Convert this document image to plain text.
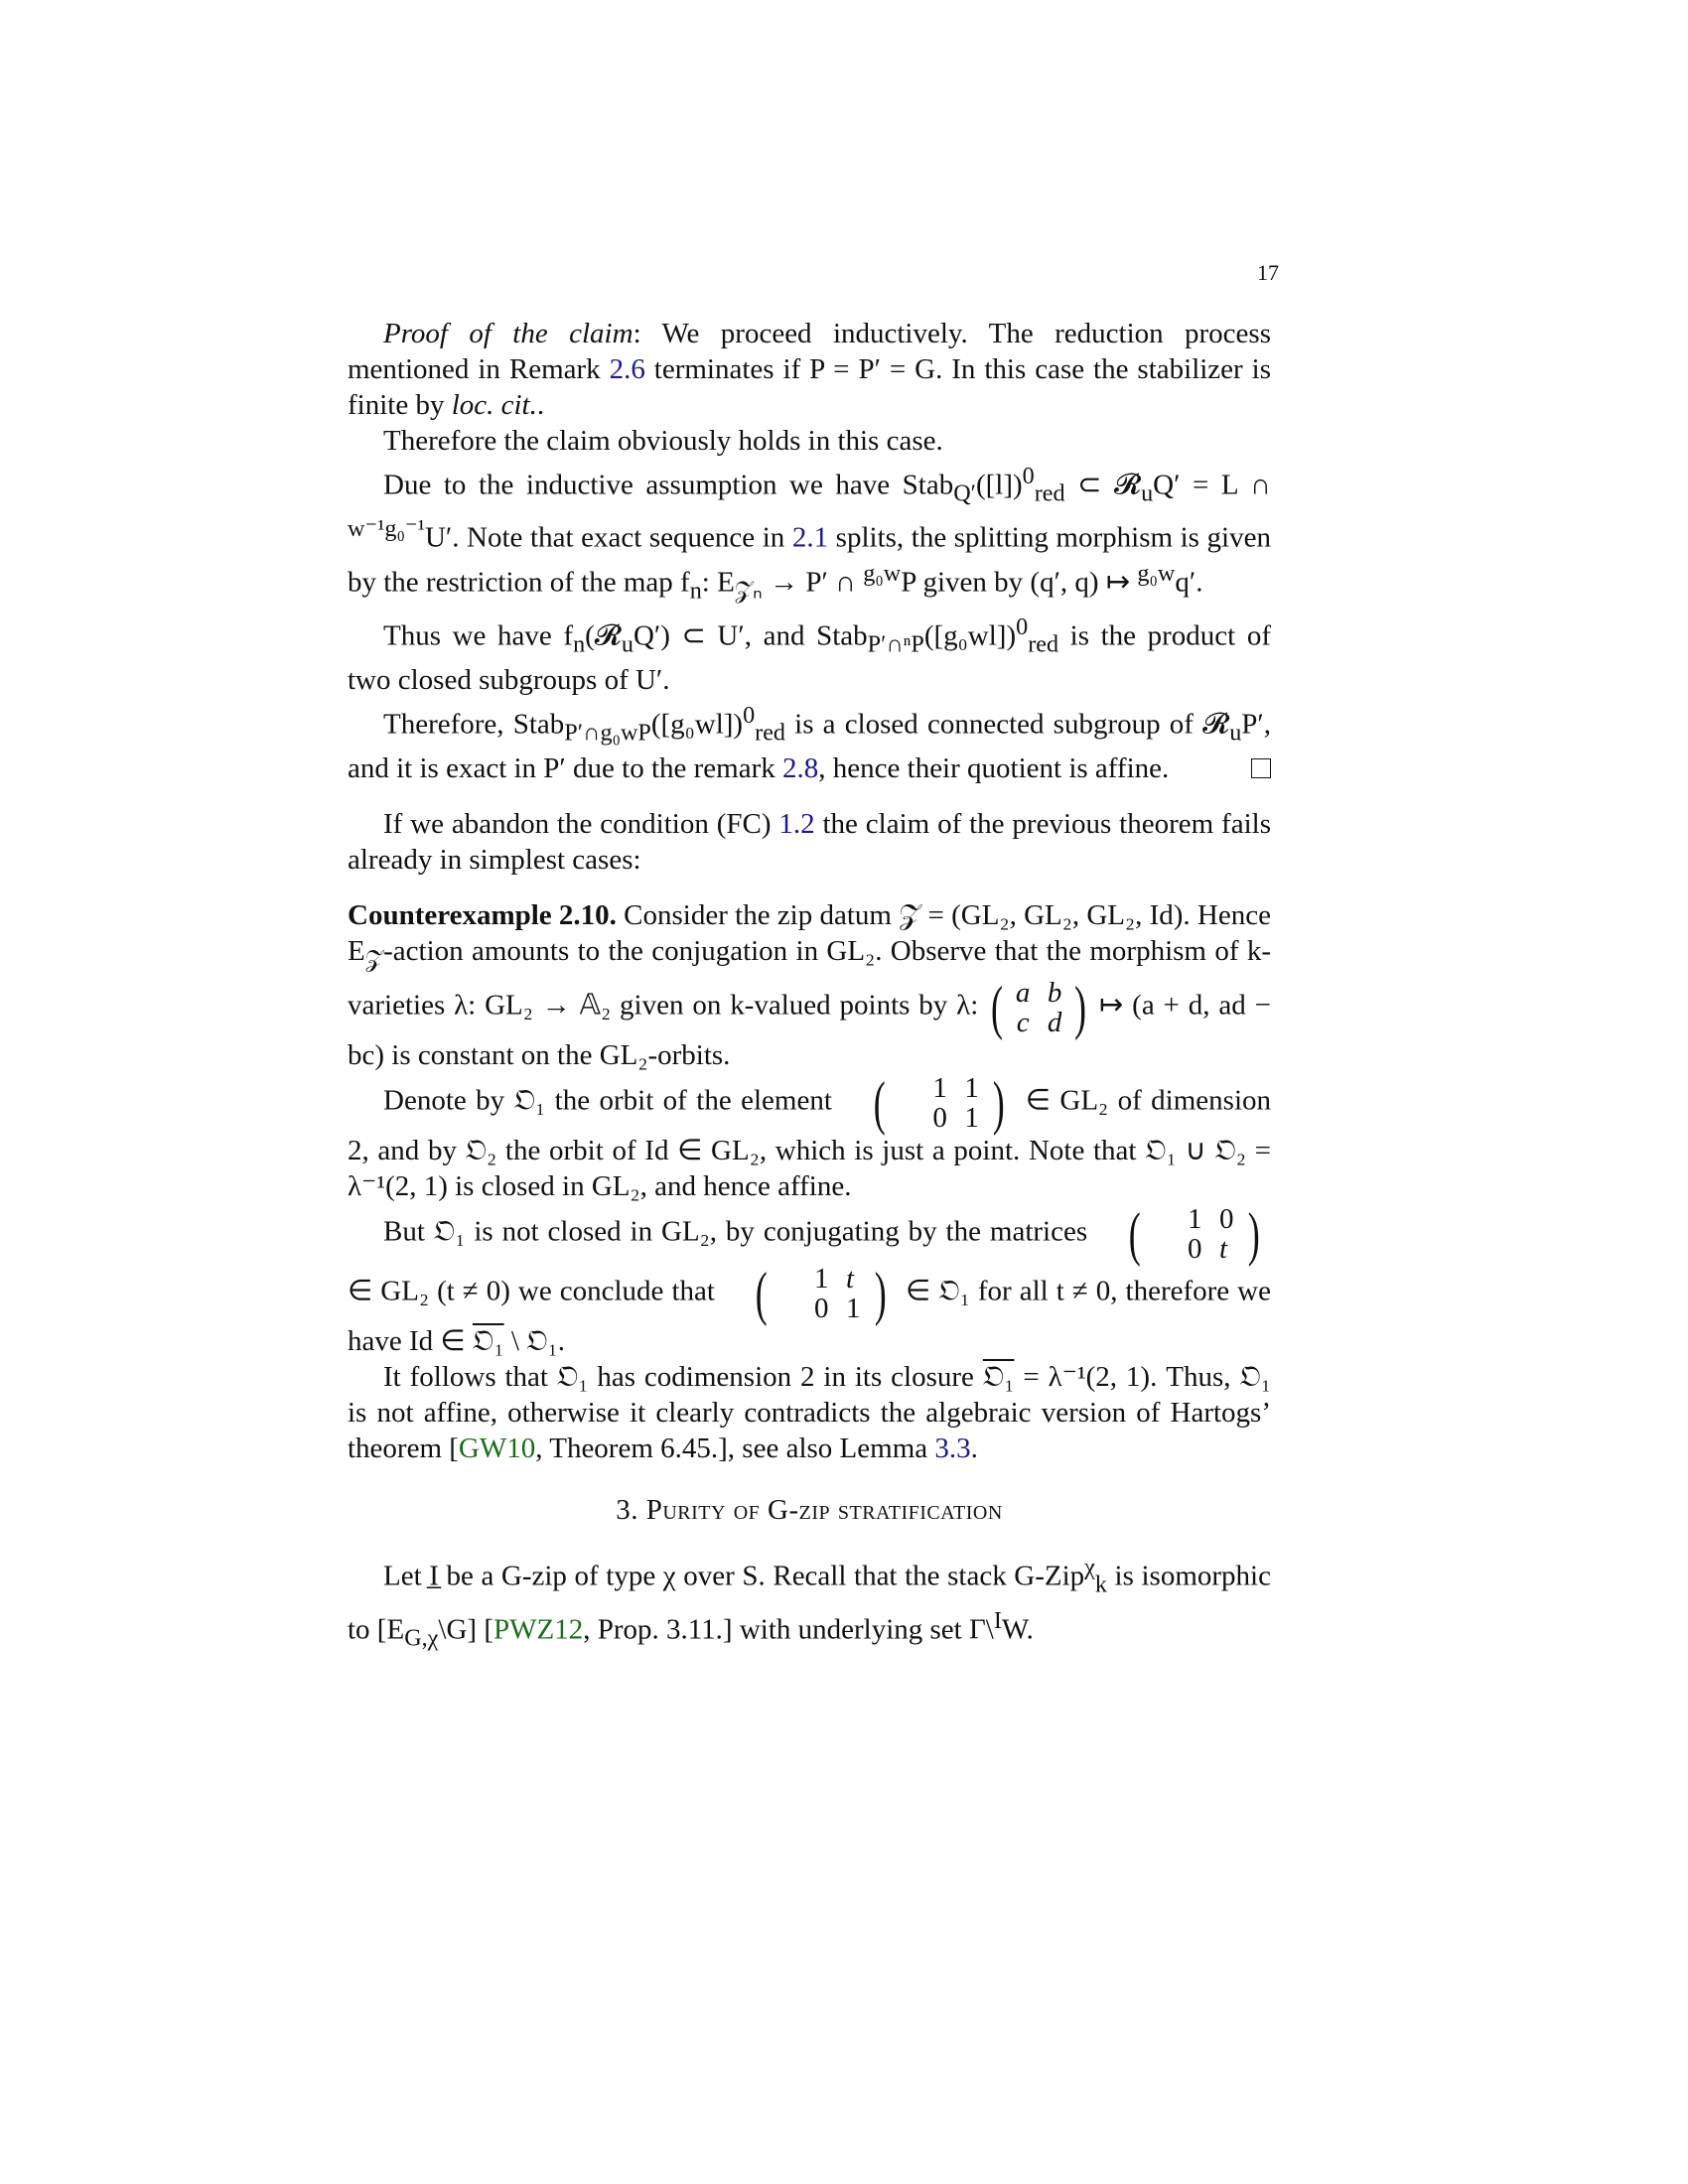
17

Proof of the claim: We proceed inductively. The reduction process mentioned in Remark 2.6 terminates if P = P′ = G. In this case the stabilizer is finite by loc. cit..

Therefore the claim obviously holds in this case.

Due to the inductive assumption we have $Stab_{Q'}([l])^0_{red}$ ⊂ 𝓡$_u$Q′ = L ∩ $^{w^{-1}g_0^{-1}}$U′. Note that exact sequence in 2.1 splits, the splitting morphism is given by the restriction of the map $f_n$: $E_{𝒵_n} \to P'$ ∩ $^{g_0w}$P given by (q′, q) ↦ $^{g_0w}$q′.

Thus we have $f_n(𝓡_uQ')$ ⊂ U′, and $Stab_{P'\cap^nP}([g_0wl])^0_{red}$ is the product of two closed subgroups of U′.

Therefore, $Stab_{P'\cap g_0wP}([g_0wl])^0_{red}$ is a closed connected subgroup of 𝓡$_u$P′, and it is exact in P′ due to the remark 2.8, hence their quotient is affine.

If we abandon the condition (FC) 1.2 the claim of the previous theorem fails already in simplest cases:

Counterexample 2.10. Consider the zip datum 𝒵 = (GL₂, GL₂, GL₂, Id). Hence $E_𝒵$-action amounts to the conjugation in GL₂. Observe that the morphism of k-varieties λ: GL₂ → 𝔸₂ given on k-valued points by λ: ( a b
c d ) ↦ (a + d, ad − bc) is constant on the GL₂-orbits.

Denote by 𝔒₁ the orbit of the element (	1 1
0 1 ) ∈ GL₂ of dimension 2, and by 𝔒₂ the orbit of Id ∈ GL₂, which is just a point. Note that 𝔒₁ ∪ 𝔒₂ = λ⁻¹(2, 1) is closed in GL₂, and hence affine.

But 𝔒₁ is not closed in GL₂, by conjugating by the matrices (	1 0
0 t )
∈ GL₂ (t ≠ 0) we conclude that (	1 t
0 1 ) ∈ 𝔒₁ for all t ≠ 0, therefore we have Id ∈ 𝔒₁ \ 𝔒₁.

It follows that 𝔒₁ has codimension 2 in its closure 𝔒₁ = λ⁻¹(2, 1). Thus, 𝔒₁ is not affine, otherwise it clearly contradicts the algebraic version of Hartogs’ theorem [GW10, Theorem 6.45.], see also Lemma 3.3.

3. Purity of G-zip stratification

Let I̲ be a G-zip of type χ over S. Recall that the stack G-Zip$^\chi_k$ is isomorphic to $[E_{G,\chi}\backslash G]$ [PWZ12, Prop. 3.11.] with underlying set Γ\$^I$W.
